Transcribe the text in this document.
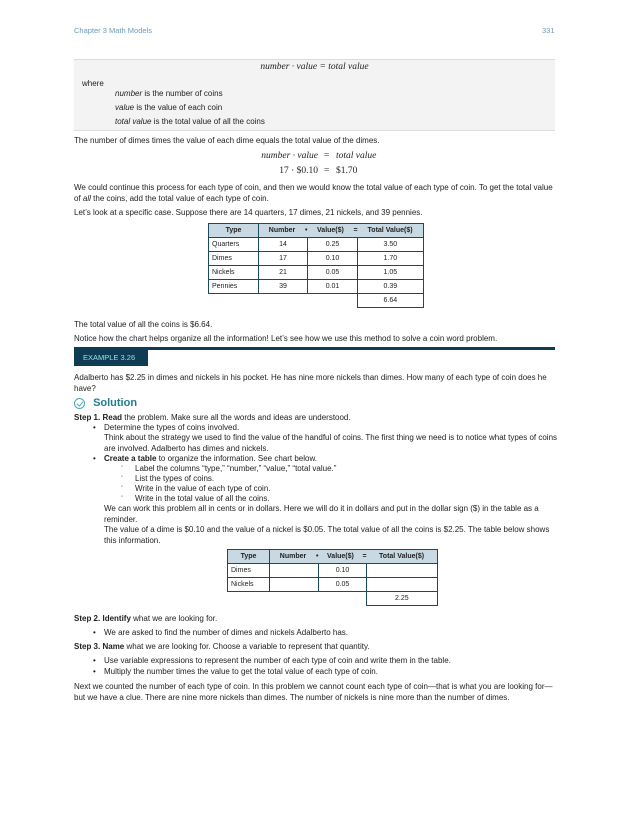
Chapter 3 Math Models	331
number · value = total value
where
number is the number of coins
value is the value of each coin
total value is the total value of all the coins

The number of dimes times the value of each dime equals the total value of the dimes.

number · value = total value
17 · $0.10 = $1.70

We could continue this process for each type of coin, and then we would know the total value of each type of coin. To get the total value of all the coins, add the total value of each type of coin.

Let’s look at a specific case. Suppose there are 14 quarters, 17 dimes, 21 nickels, and 39 pennies.

Type	Number	•	Value($)	=	Total Value($)
Quarters	14		0.25		3.50
Dimes	17		0.10		1.70
Nickels	21		0.05		1.05
Pennies	39		0.01		0.39
					6.64

The total value of all the coins is $6.64.

Notice how the chart helps organize all the information! Let’s see how we use this method to solve a coin word problem.

EXAMPLE 3.26

Adalberto has $2.25 in dimes and nickels in his pocket. He has nine more nickels than dimes. How many of each type of coin does he have?

Solution

Step 1. Read the problem. Make sure all the words and ideas are understood.

• Determine the types of coins involved.

Think about the strategy we used to find the value of the handful of coins. The first thing we need is to notice what types of coins are involved. Adalberto has dimes and nickels.

• Create a table to organize the information. See chart below.

◦ Label the columns “type,” “number,” “value,” “total value.”

◦ List the types of coins.

◦ Write in the value of each type of coin.

◦ Write in the total value of all the coins.

We can work this problem all in cents or in dollars. Here we will do it in dollars and put in the dollar sign ($) in the table as a reminder.

The value of a dime is $0.10 and the value of a nickel is $0.05. The total value of all the coins is $2.25. The table below shows this information.

Type	Number	•	Value($)	=	Total Value($)
Dimes			0.10		
Nickels			0.05		
					2.25

Step 2. Identify what we are looking for.

• We are asked to find the number of dimes and nickels Adalberto has.

Step 3. Name what we are looking for. Choose a variable to represent that quantity.

• Use variable expressions to represent the number of each type of coin and write them in the table.

• Multiply the number times the value to get the total value of each type of coin.

Next we counted the number of each type of coin. In this problem we cannot count each type of coin—that is what you are looking for—but we have a clue. There are nine more nickels than dimes. The number of nickels is nine more than the number of dimes.
